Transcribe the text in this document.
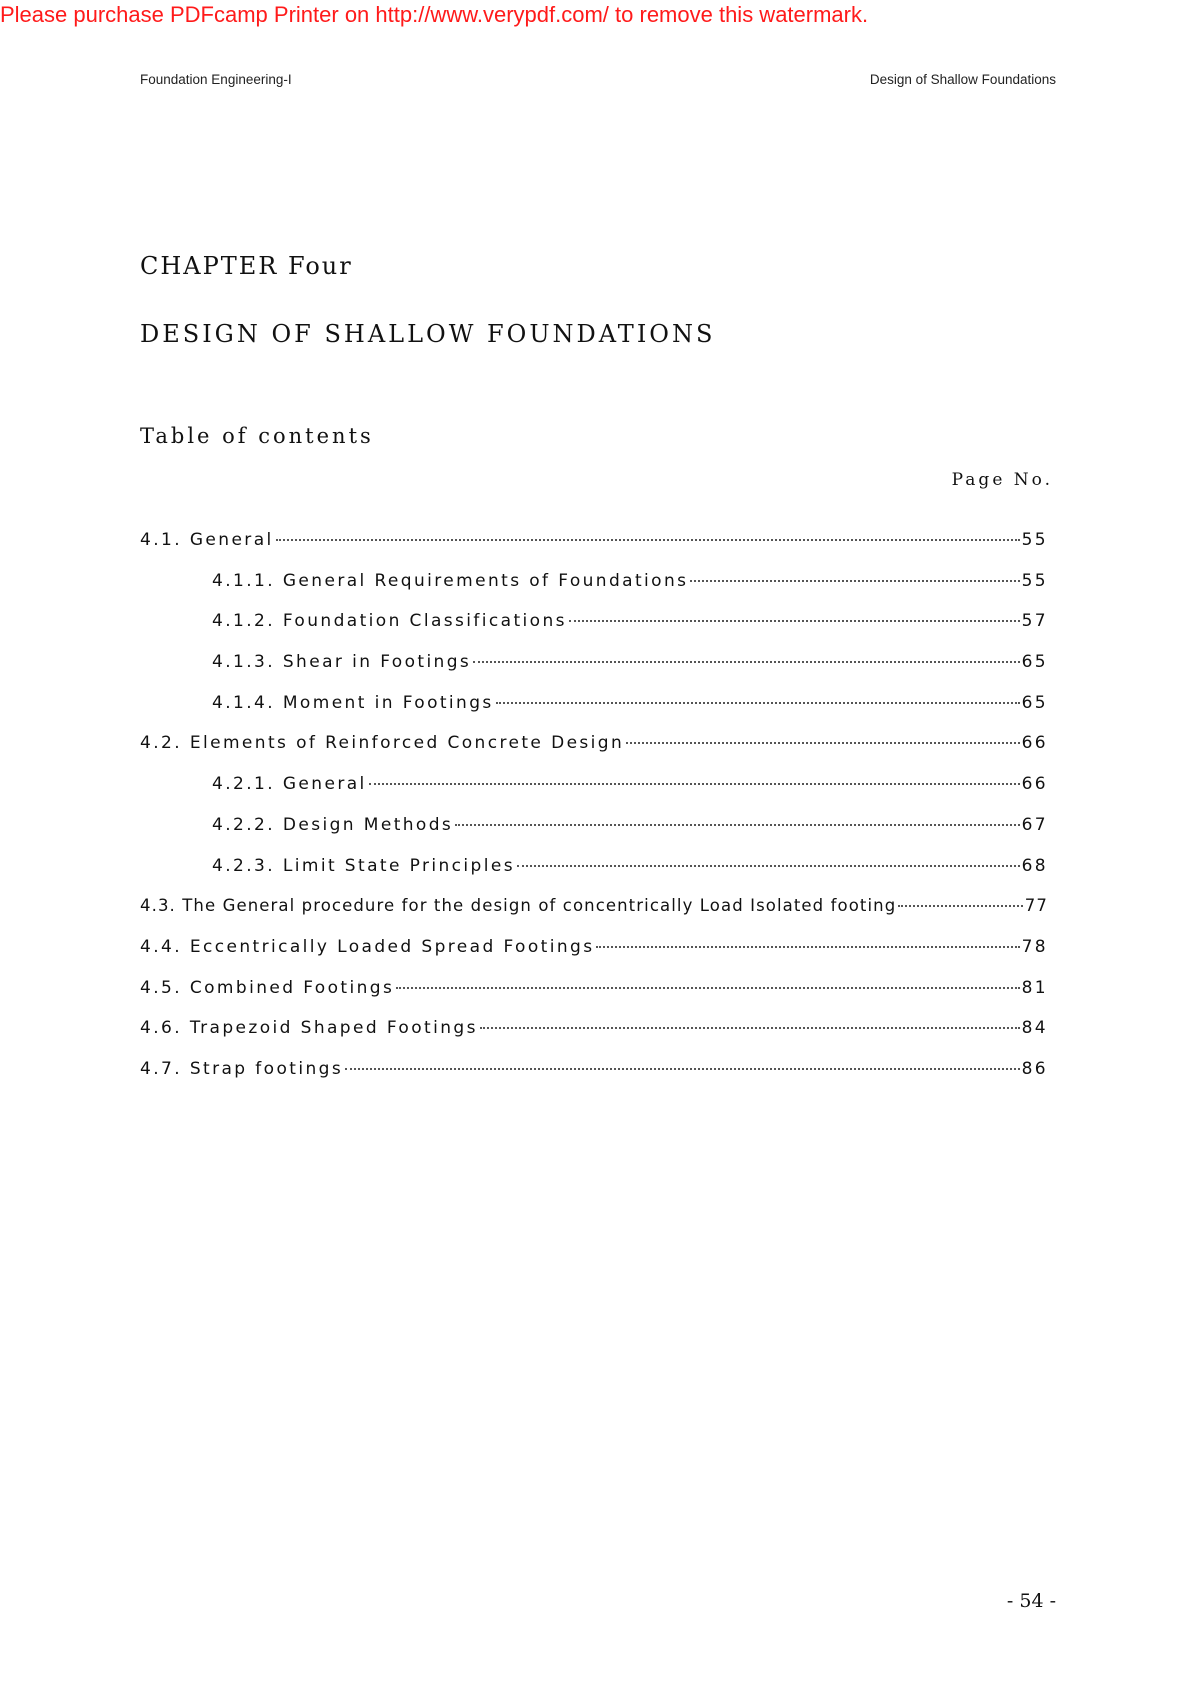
Please purchase PDFcamp Printer on http://www.verypdf.com/ to remove this watermark.
Foundation Engineering-I	Design of Shallow Foundations
CHAPTER Four
DESIGN OF SHALLOW FOUNDATIONS
Table of contents
Page No.
4.1. General	55
4.1.1. General Requirements of Foundations	55
4.1.2. Foundation Classifications	57
4.1.3. Shear in Footings	65
4.1.4. Moment in Footings	65
4.2. Elements of Reinforced Concrete Design	66
4.2.1. General	66
4.2.2. Design Methods	67
4.2.3. Limit State Principles	68
4.3. The General procedure for the design of concentrically Load Isolated footing	77
4.4. Eccentrically Loaded Spread Footings	78
4.5. Combined Footings	81
4.6. Trapezoid Shaped Footings	84
4.7. Strap footings	86
- 54 -
